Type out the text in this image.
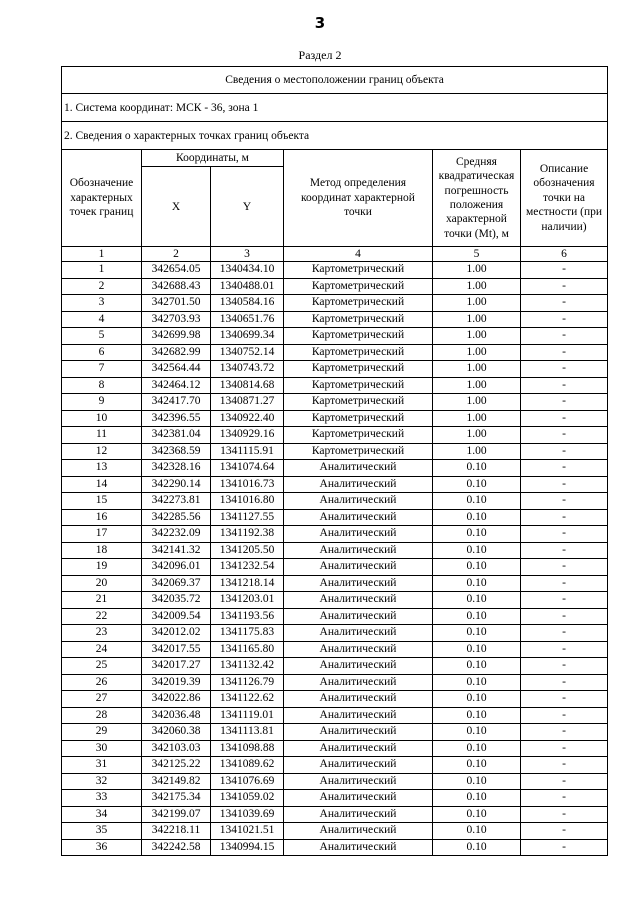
3
Раздел 2
Сведения о местоположении границ объекта					
1. Система координат: МСК - 36, зона 1					
2. Сведения о характерных точках границ объекта					
Обозначение характерных точек границ	Координаты, м		Метод определения координат характерной точки	Средняя квадратическая погрешность положения характерной точки (Mt), м	Описание обозначения точки на местности (при наличии)
	X	Y			
1	2	3	4	5	6
1	342654.05	1340434.10	Картометрический	1.00	-
2	342688.43	1340488.01	Картометрический	1.00	-
3	342701.50	1340584.16	Картометрический	1.00	-
4	342703.93	1340651.76	Картометрический	1.00	-
5	342699.98	1340699.34	Картометрический	1.00	-
6	342682.99	1340752.14	Картометрический	1.00	-
7	342564.44	1340743.72	Картометрический	1.00	-
8	342464.12	1340814.68	Картометрический	1.00	-
9	342417.70	1340871.27	Картометрический	1.00	-
10	342396.55	1340922.40	Картометрический	1.00	-
11	342381.04	1340929.16	Картометрический	1.00	-
12	342368.59	1341115.91	Картометрический	1.00	-
13	342328.16	1341074.64	Аналитический	0.10	-
14	342290.14	1341016.73	Аналитический	0.10	-
15	342273.81	1341016.80	Аналитический	0.10	-
16	342285.56	1341127.55	Аналитический	0.10	-
17	342232.09	1341192.38	Аналитический	0.10	-
18	342141.32	1341205.50	Аналитический	0.10	-
19	342096.01	1341232.54	Аналитический	0.10	-
20	342069.37	1341218.14	Аналитический	0.10	-
21	342035.72	1341203.01	Аналитический	0.10	-
22	342009.54	1341193.56	Аналитический	0.10	-
23	342012.02	1341175.83	Аналитический	0.10	-
24	342017.55	1341165.80	Аналитический	0.10	-
25	342017.27	1341132.42	Аналитический	0.10	-
26	342019.39	1341126.79	Аналитический	0.10	-
27	342022.86	1341122.62	Аналитический	0.10	-
28	342036.48	1341119.01	Аналитический	0.10	-
29	342060.38	1341113.81	Аналитический	0.10	-
30	342103.03	1341098.88	Аналитический	0.10	-
31	342125.22	1341089.62	Аналитический	0.10	-
32	342149.82	1341076.69	Аналитический	0.10	-
33	342175.34	1341059.02	Аналитический	0.10	-
34	342199.07	1341039.69	Аналитический	0.10	-
35	342218.11	1341021.51	Аналитический	0.10	-
36	342242.58	1340994.15	Аналитический	0.10	-
